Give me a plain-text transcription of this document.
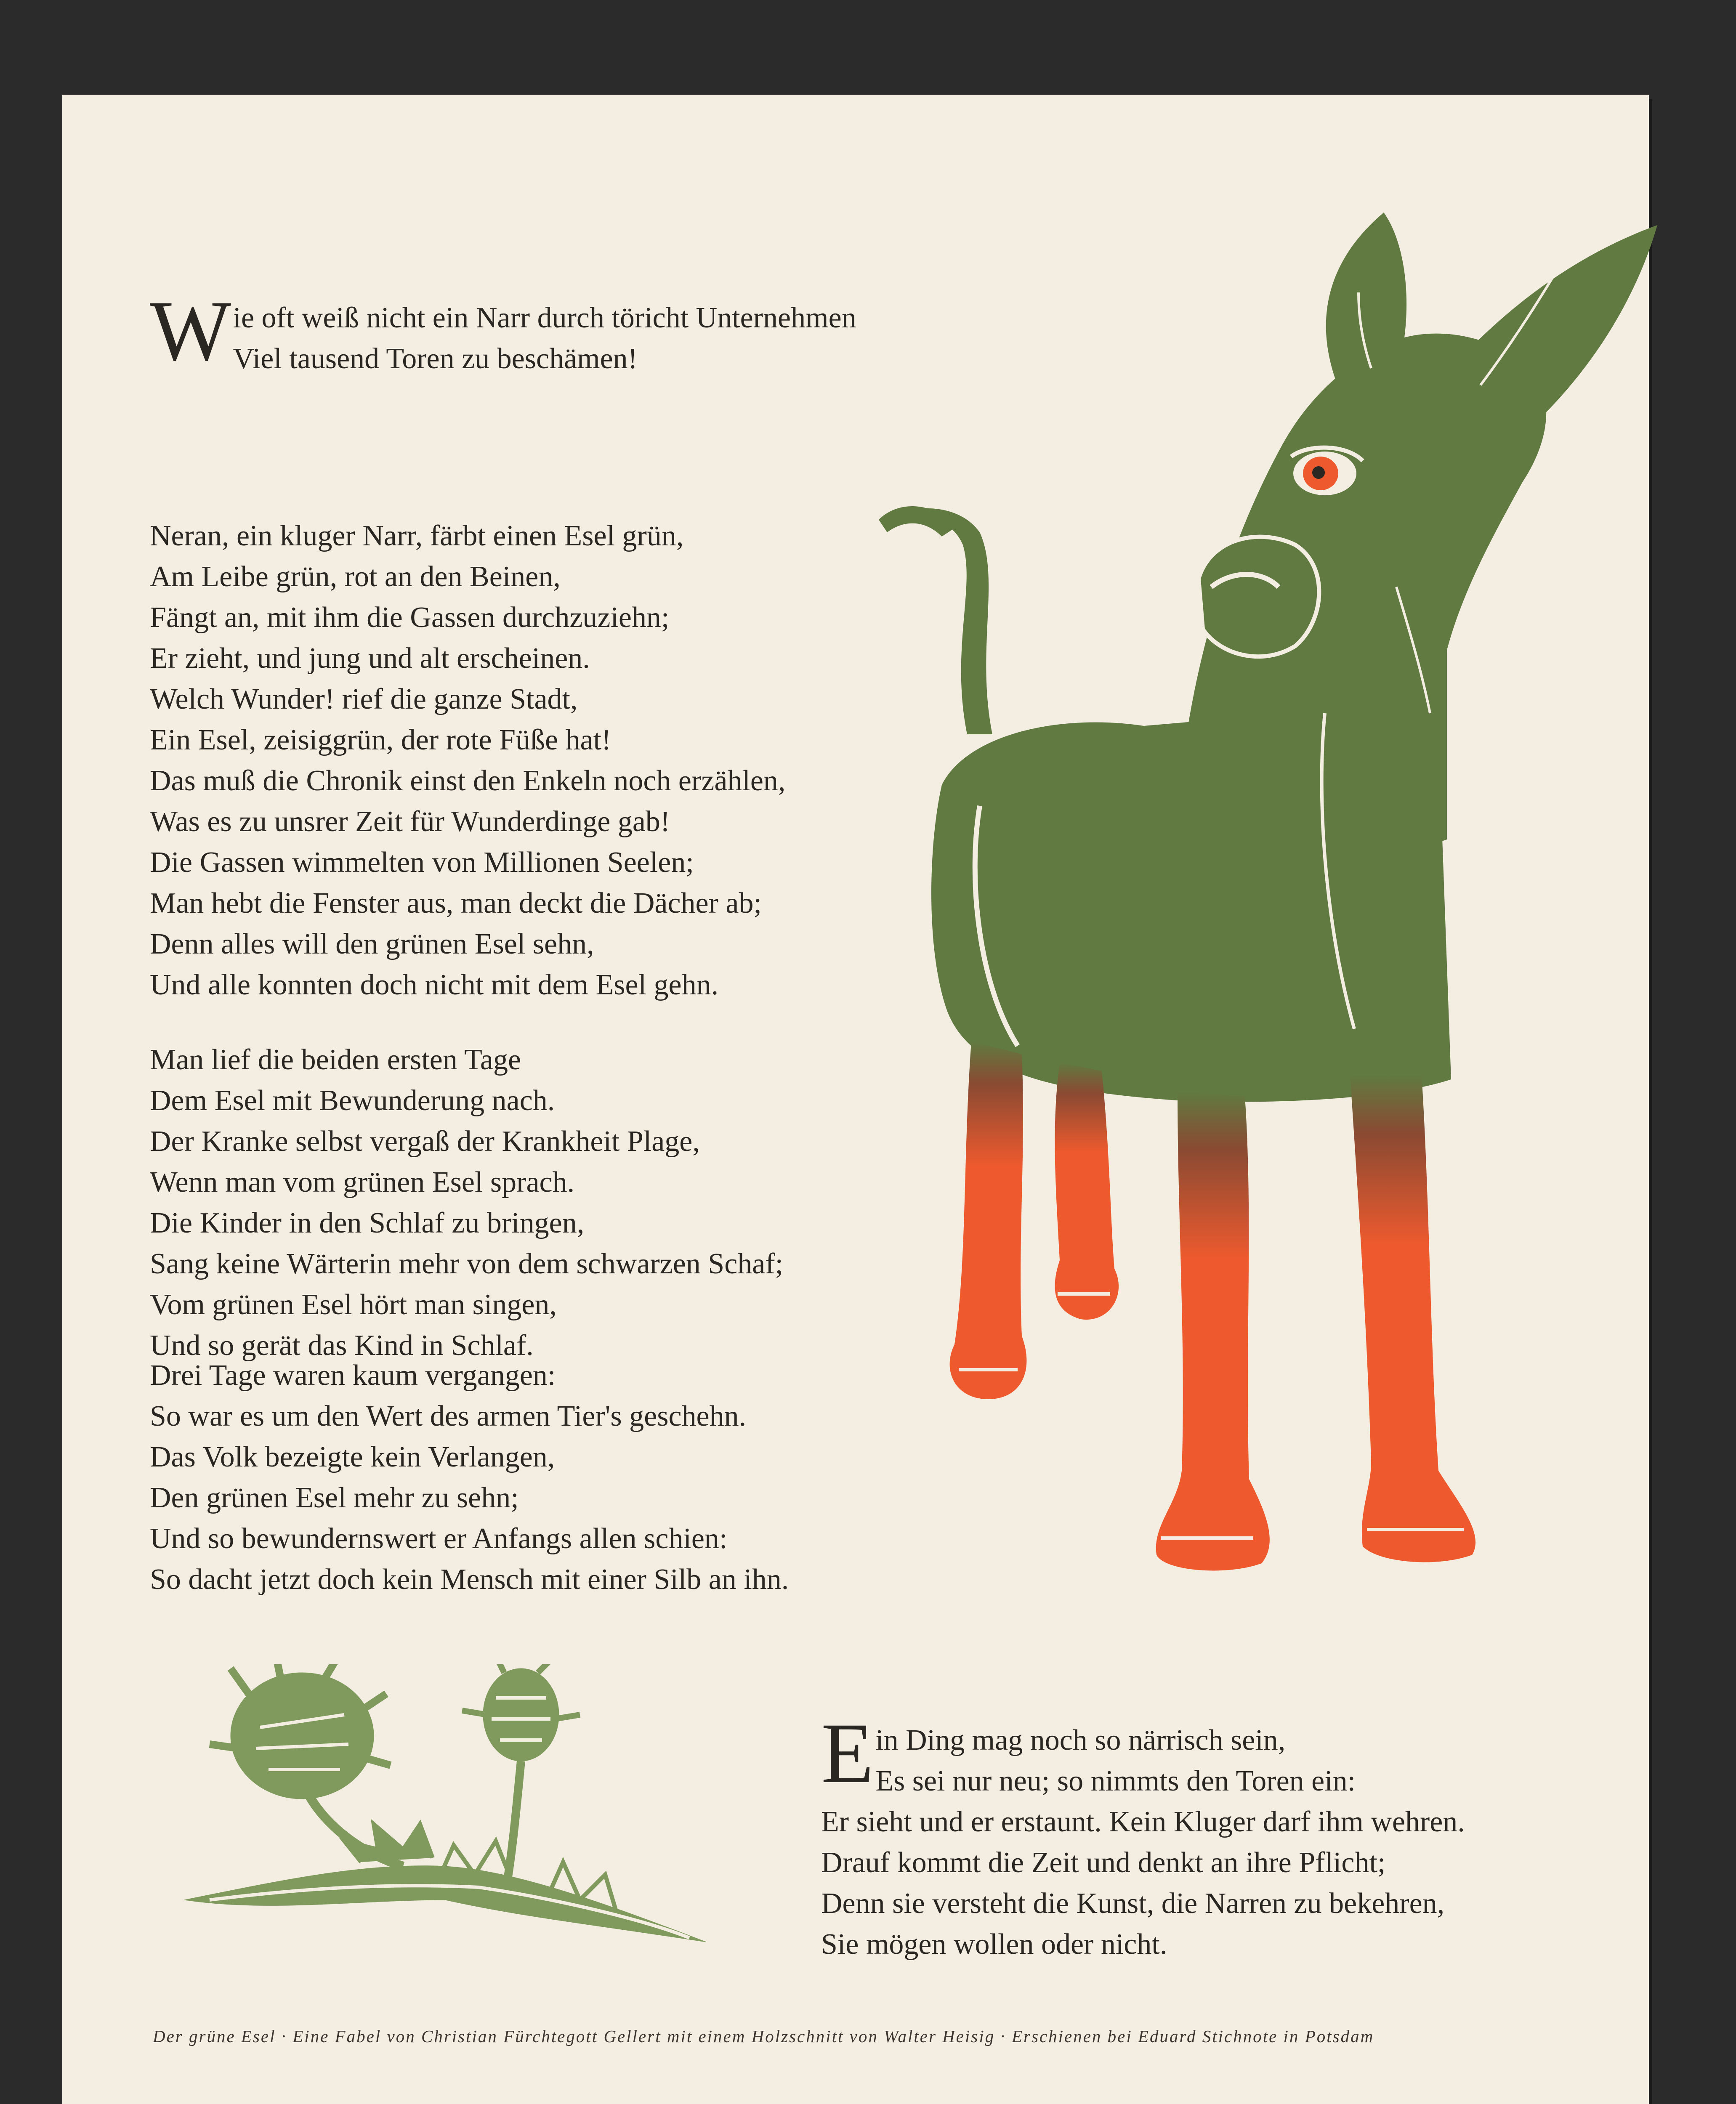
Wie oft weiß nicht ein Narr durch töricht Unternehmen
Viel tausend Toren zu beschämen!

Neran, ein kluger Narr, färbt einen Esel grün,
Am Leibe grün, rot an den Beinen,
Fängt an, mit ihm die Gassen durchzuziehn;
Er zieht, und jung und alt erscheinen.
Welch Wunder! rief die ganze Stadt,
Ein Esel, zeisiggrün, der rote Füße hat!
Das muß die Chronik einst den Enkeln noch erzählen,
Was es zu unsrer Zeit für Wunderdinge gab!
Die Gassen wimmelten von Millionen Seelen;
Man hebt die Fenster aus, man deckt die Dächer ab;
Denn alles will den grünen Esel sehn,
Und alle konnten doch nicht mit dem Esel gehn.
Man lief die beiden ersten Tage
Dem Esel mit Bewunderung nach.
Der Kranke selbst vergaß der Krankheit Plage,
Wenn man vom grünen Esel sprach.
Die Kinder in den Schlaf zu bringen,
Sang keine Wärterin mehr von dem schwarzen Schaf;
Vom grünen Esel hört man singen,
Und so gerät das Kind in Schlaf.
Drei Tage waren kaum vergangen:
So war es um den Wert des armen Tier's geschehn.
Das Volk bezeigte kein Verlangen,
Den grünen Esel mehr zu sehn;
Und so bewundernswert er Anfangs allen schien:
So dacht jetzt doch kein Mensch mit einer Silb an ihn.

Ein Ding mag noch so närrisch sein,
Es sei nur neu; so nimmts den Toren ein:
Er sieht und er erstaunt. Kein Kluger darf ihm wehren.
Drauf kommt die Zeit und denkt an ihre Pflicht;
Denn sie versteht die Kunst, die Narren zu bekehren,
Sie mögen wollen oder nicht.

Der grüne Esel · Eine Fabel von Christian Fürchtegott Gellert mit einem Holzschnitt von Walter Heisig · Erschienen bei Eduard Stichnote in Potsdam
